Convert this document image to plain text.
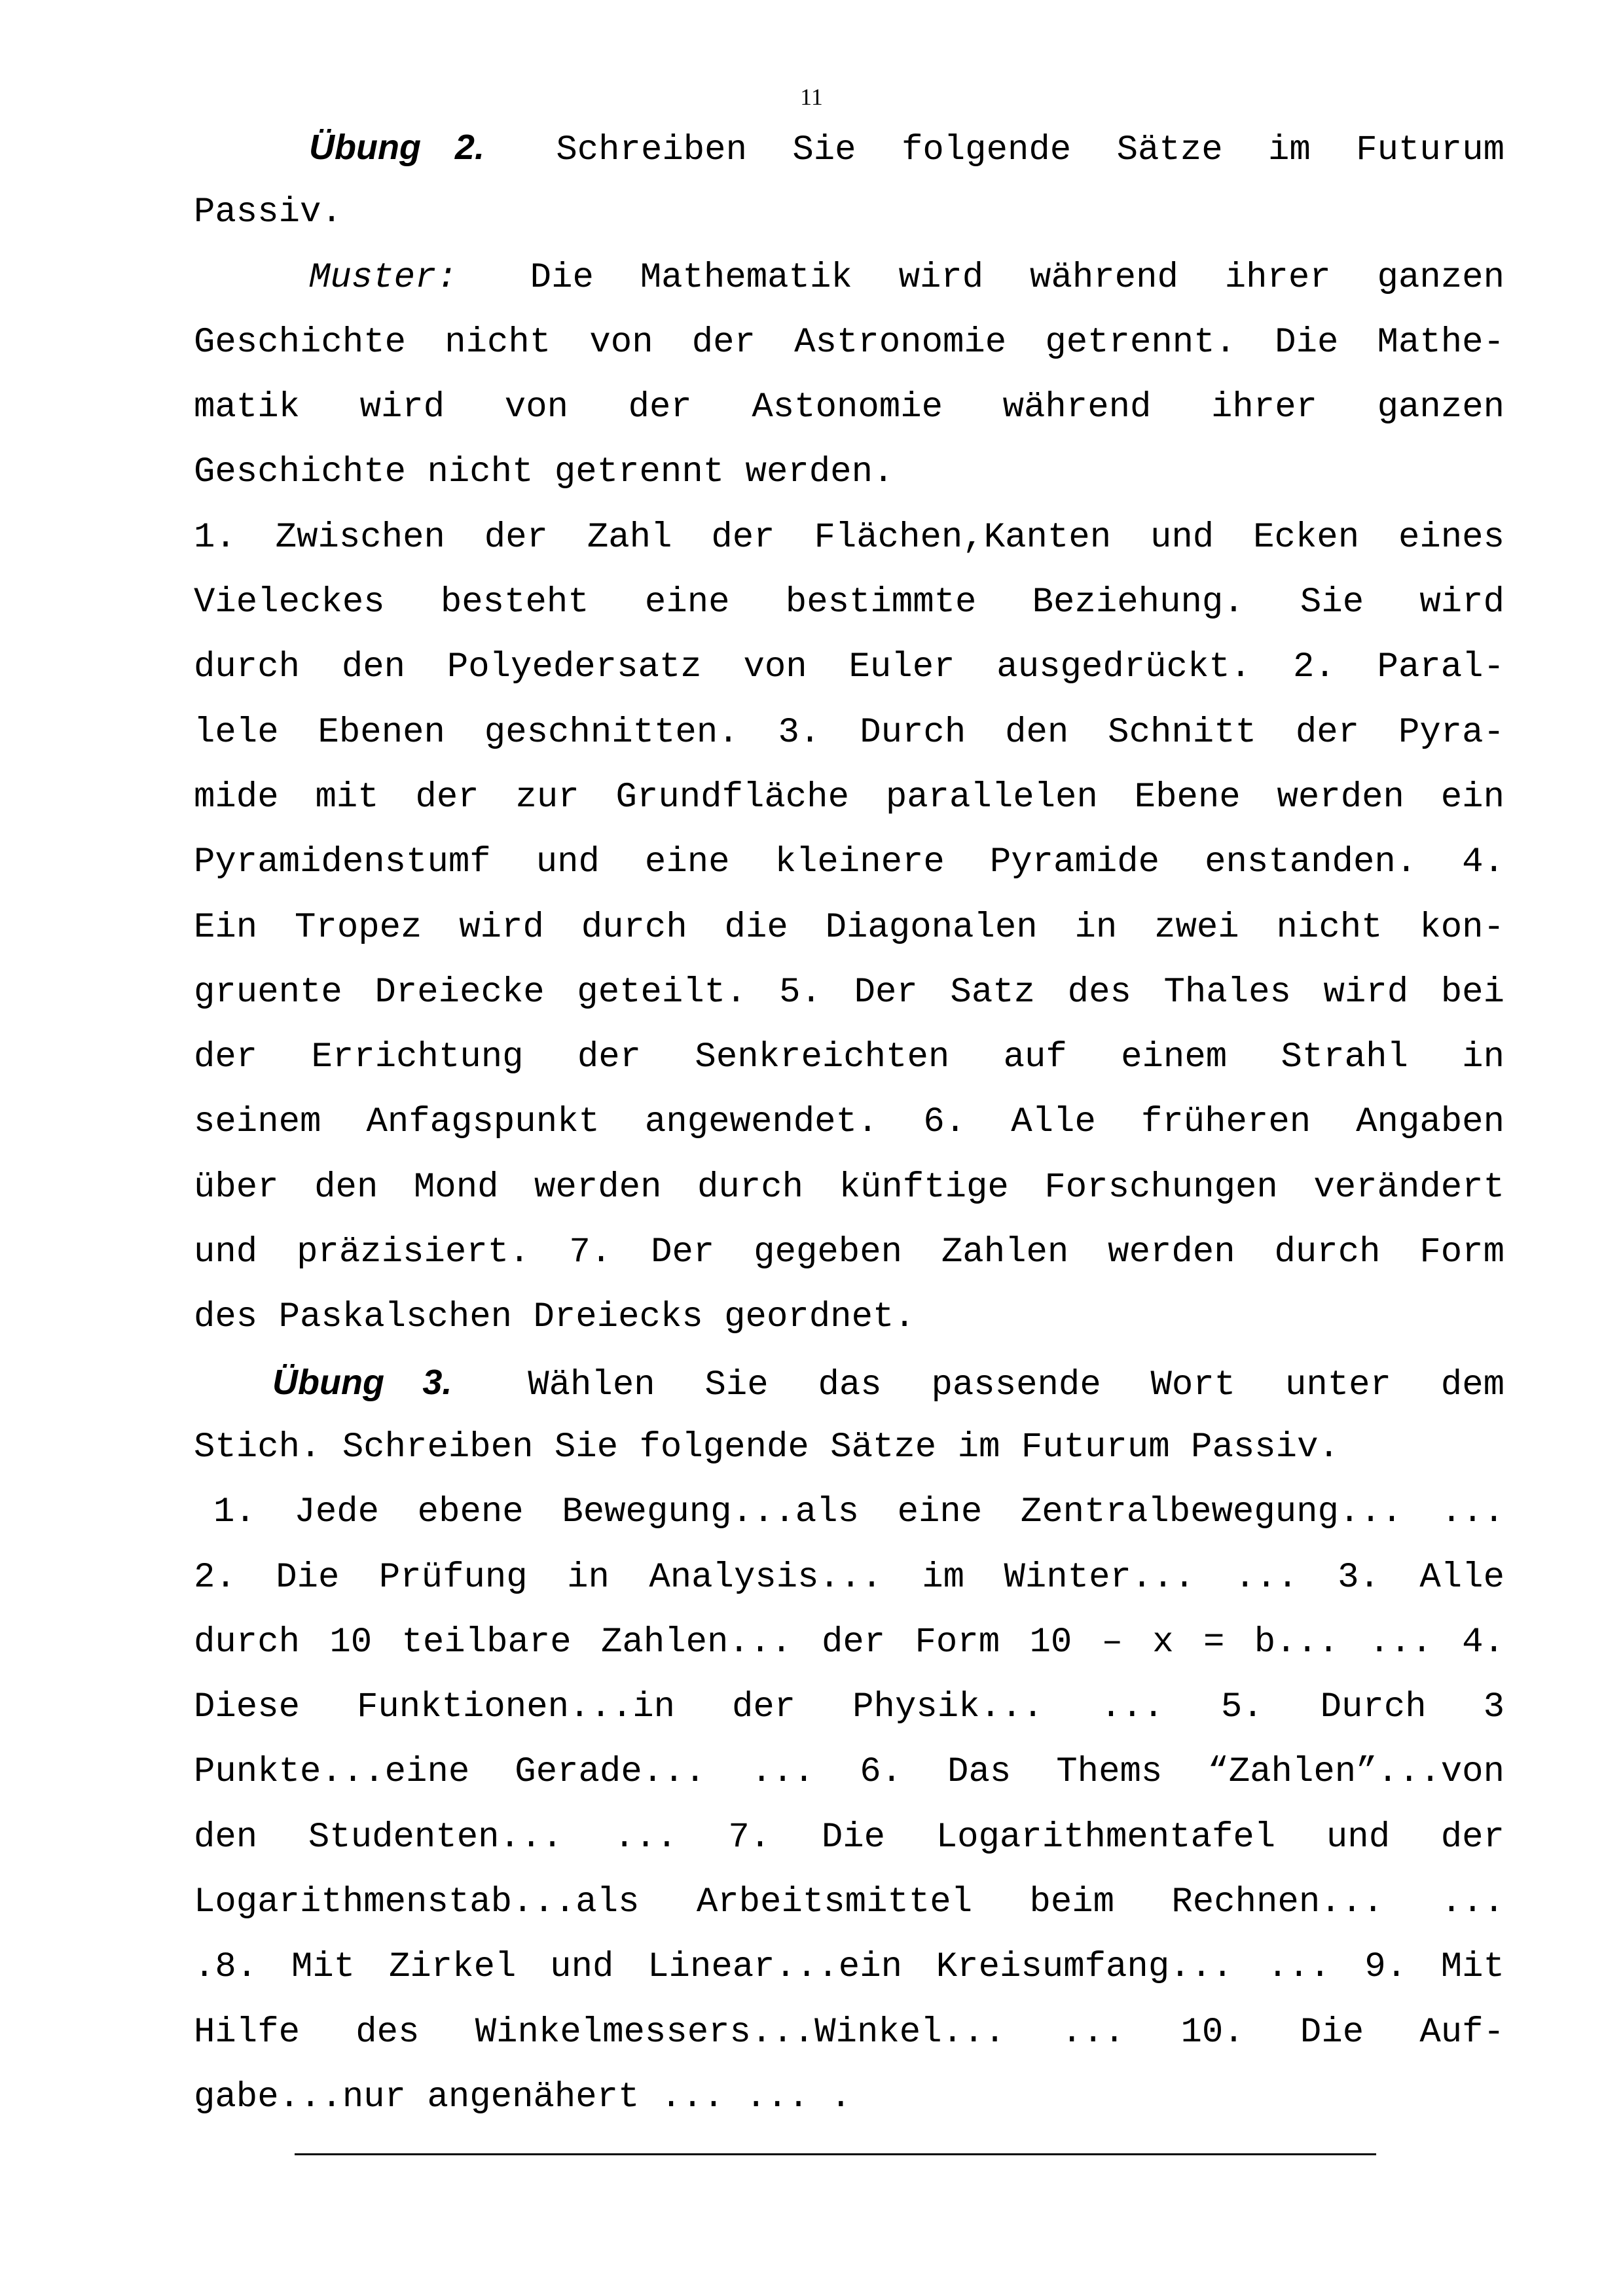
11
Übung 2. Schreiben Sie folgende Sätze im Futurum
Passiv.
Muster: Die Mathematik wird während ihrer ganzen
Geschichte nicht von der Astronomie getrennt. Die Mathe-
matik wird von der Astonomie während ihrer ganzen
Geschichte nicht getrennt werden.
1. Zwischen der Zahl der Flächen,Kanten und Ecken eines
Vieleckes besteht eine bestimmte Beziehung. Sie wird
durch den Polyedersatz von Euler ausgedrückt. 2. Paral-
lele Ebenen geschnitten. 3. Durch den Schnitt der Pyra-
mide mit der zur Grundfläche parallelen Ebene werden ein
Pyramidenstumf und eine kleinere Pyramide enstanden. 4.
Ein Tropez wird durch die Diagonalen in zwei nicht kon-
gruente Dreiecke geteilt. 5. Der Satz des Thales wird bei
der Errichtung der Senkreichten auf einem Strahl in
seinem Anfagspunkt angewendet. 6. Alle früheren Angaben
über den Mond werden durch künftige Forschungen verändert
und präzisiert. 7. Der gegeben Zahlen werden durch Form
des Paskalschen Dreiecks geordnet.
Übung 3. Wählen Sie das passende Wort unter dem
Stich. Schreiben Sie folgende Sätze im Futurum Passiv.
1. Jede ebene Bewegung...als eine Zentralbewegung... ...
2. Die Prüfung in Analysis... im Winter... ... 3. Alle
durch 10 teilbare Zahlen... der Form 10 – x = b... ... 4.
Diese Funktionen...in der Physik... ... 5. Durch 3
Punkte...eine Gerade... ... 6. Das Thems “Zahlen”...von
den Studenten... ... 7. Die Logarithmentafel und der
Logarithmenstab...als Arbeitsmittel beim Rechnen... ...
.8. Mit Zirkel und Linear...ein Kreisumfang... ... 9. Mit
Hilfe des Winkelmessers...Winkel... ... 10. Die Auf-
gabe...nur angenähert ... ... .
